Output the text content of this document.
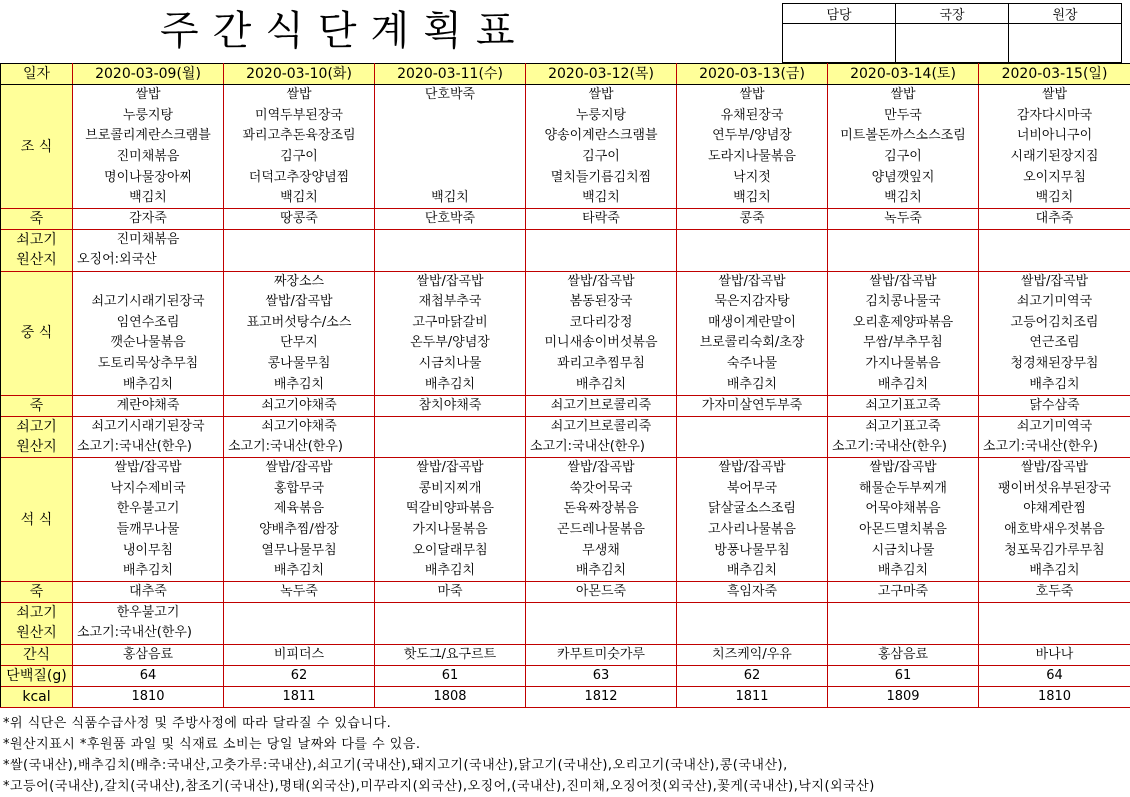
주간식단계획표	담당	국장	원장

일자	2020-03-09(월)	2020-03-10(화)	2020-03-11(수)	2020-03-12(목)	2020-03-13(금)	2020-03-14(토)	2020-03-15(일)
조 식	쌀밥	쌀밥	단호박죽	쌀밥	쌀밥	쌀밥	쌀밥
	누룽지탕	미역두부된장국		누룽지탕	유채된장국	만두국	감자다시마국
	브로콜리계란스크램블	꽈리고추돈육장조림		양송이계란스크램블	연두부/양념장	미트볼돈까스소스조림	너비아니구이
	진미채볶음	김구이		김구이	도라지나물볶음	김구이	시래기된장지짐
	명이나물장아찌	더덕고추장양념찜		멸치들기름김치찜	낙지젓	양념깻잎지	오이지무침
	백김치	백김치	백김치	백김치	백김치	백김치	백김치
죽	감자죽	땅콩죽	단호박죽	타락죽	콩죽	녹두죽	대추죽
쇠고기	진미채볶음						
원산지	오징어:외국산						
중 식		짜장소스	쌀밥/잡곡밥	쌀밥/잡곡밥	쌀밥/잡곡밥	쌀밥/잡곡밥	쌀밥/잡곡밥
	쇠고기시래기된장국	쌀밥/잡곡밥	재첩부추국	봄동된장국	묵은지감자탕	김치콩나물국	쇠고기미역국
	임연수조림	표고버섯탕수/소스	고구마닭갈비	코다리강정	매생이계란말이	오리훈제양파볶음	고등어김치조림
	깻순나물볶음	단무지	온두부/양념장	미니새송이버섯볶음	브로콜리숙회/초장	무쌈/부추무침	연근조림
	도토리묵상추무침	콩나물무침	시금치나물	꽈리고추찜무침	숙주나물	가지나물볶음	청경채된장무침
	배추김치	배추김치	배추김치	배추김치	배추김치	배추김치	배추김치
죽	계란야채죽	쇠고기야채죽	참치야채죽	쇠고기브로콜리죽	가자미살연두부죽	쇠고기표고죽	닭수삼죽
쇠고기	쇠고기시래기된장국	쇠고기야채죽		쇠고기브로콜리죽		쇠고기표고죽	쇠고기미역국
원산지	소고기:국내산(한우)	소고기:국내산(한우)		소고기:국내산(한우)		소고기:국내산(한우)	소고기:국내산(한우)
석 식	쌀밥/잡곡밥	쌀밥/잡곡밥	쌀밥/잡곡밥	쌀밥/잡곡밥	쌀밥/잡곡밥	쌀밥/잡곡밥	쌀밥/잡곡밥
	낙지수제비국	홍합무국	콩비지찌개	쑥갓어묵국	북어무국	해물순두부찌개	팽이버섯유부된장국
	한우불고기	제육볶음	떡갈비양파볶음	돈육짜장볶음	닭살굴소스조림	어묵야채볶음	야채계란찜
	들깨무나물	양배추찜/쌈장	가지나물볶음	곤드레나물볶음	고사리나물볶음	아몬드멸치볶음	애호박새우젓볶음
	냉이무침	열무나물무침	오이달래무침	무생채	방풍나물무침	시금치나물	청포묵김가루무침
	배추김치	배추김치	배추김치	배추김치	배추김치	배추김치	배추김치
죽	대추죽	녹두죽	마죽	아몬드죽	흑임자죽	고구마죽	호두죽
쇠고기	한우불고기						
원산지	소고기:국내산(한우)						
간식	홍삼음료	비피더스	핫도그/요구르트	카무트미숫가루	치즈케익/우유	홍삼음료	바나나
단백질(g)	64	62	61	63	62	61	64
kcal	1810	1811	1808	1812	1811	1809	1810
*위 식단은 식품수급사정 및 주방사정에 따라 달라질 수 있습니다.
*원산지표시 *후원품 과일 및 식재료 소비는 당일 날짜와 다를 수 있음.
*쌀(국내산),배추김치(배추:국내산,고춧가루:국내산),쇠고기(국내산),돼지고기(국내산),닭고기(국내산),오리고기(국내산),콩(국내산),
*고등어(국내산),갈치(국내산),참조기(국내산),명태(외국산),미꾸라지(외국산),오징어,(국내산),진미채,오징어젓(외국산),꽃게(국내산),낙지(외국산)
